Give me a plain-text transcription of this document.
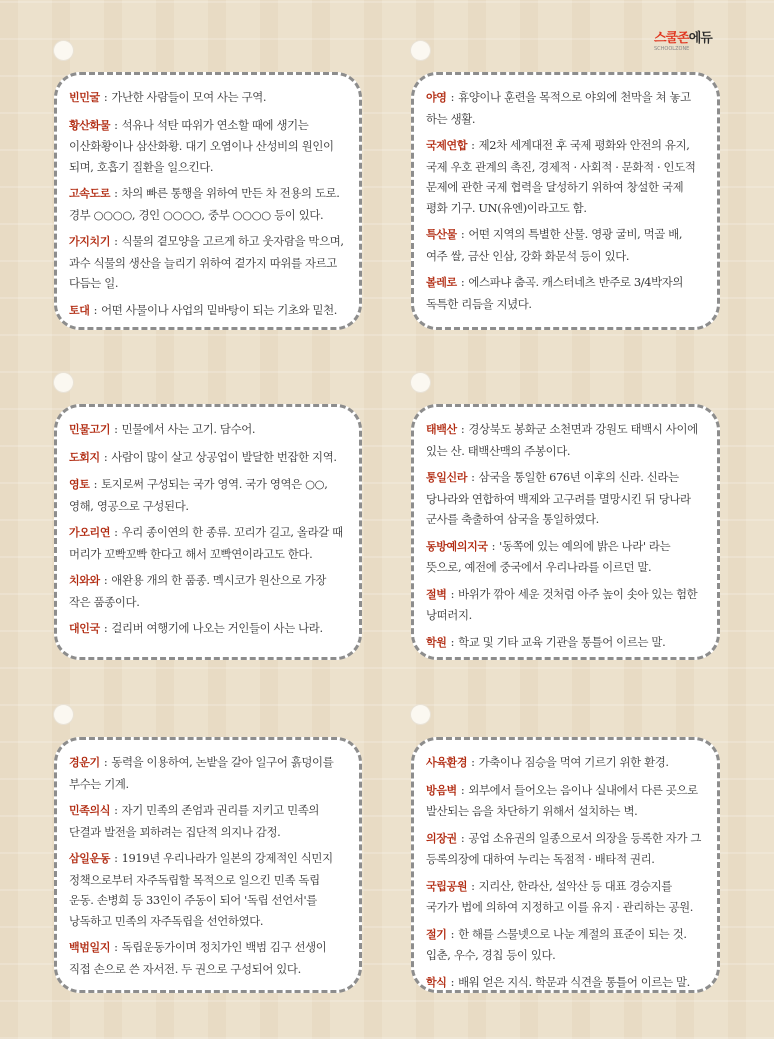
스쿨존에듀
SCHOOLZONE

빈민굴 : 가난한 사람들이 모여 사는 구역.

황산화물 : 석유나 석탄 따위가 연소할 때에 생기는 이산화황이나 삼산화황. 대기 오염이나 산성비의 원인이 되며, 호흡기 질환을 일으킨다.

고속도로 : 차의 빠른 통행을 위하여 만든 차 전용의 도로. 경부 ○○○○, 경인 ○○○○, 중부 ○○○○ 등이 있다.

가지치기 : 식물의 곁모양을 고르게 하고 웃자람을 막으며, 과수 식물의 생산을 늘리기 위하여 곁가지 따위를 자르고 다듬는 일.

토대 : 어떤 사물이나 사업의 밑바탕이 되는 기초와 밑천.

야영 : 휴양이나 훈련을 목적으로 야외에 천막을 쳐 놓고 하는 생활.

국제연합 : 제2차 세계대전 후 국제 평화와 안전의 유지, 국제 우호 관계의 촉진, 경제적 · 사회적 · 문화적 · 인도적 문제에 관한 국제 협력을 달성하기 위하여 창설한 국제 평화 기구. UN(유엔)이라고도 함.

특산물 : 어떤 지역의 특별한 산물. 영광 굴비, 먹골 배, 여주 쌀, 금산 인삼, 강화 화문석 등이 있다.

볼레로 : 에스파냐 춤곡. 캐스터네츠 반주로 3/4박자의 독특한 리듬을 지녔다.

민물고기 : 민물에서 사는 고기. 담수어.

도회지 : 사람이 많이 살고 상공업이 발달한 번잡한 지역.

영토 : 토지로써 구성되는 국가 영역. 국가 영역은 ○○, 영해, 영공으로 구성된다.

가오리연 : 우리 종이연의 한 종류. 꼬리가 길고, 올라갈 때 머리가 꼬빡꼬빡 한다고 해서 꼬빡연이라고도 한다.

치와와 : 애완용 개의 한 품종. 멕시코가 원산으로 가장 작은 품종이다.

대인국 : 걸리버 여행기에 나오는 거인들이 사는 나라.

태백산 : 경상북도 봉화군 소천면과 강원도 태백시 사이에 있는 산. 태백산맥의 주봉이다.

통일신라 : 삼국을 통일한 676년 이후의 신라. 신라는 당나라와 연합하여 백제와 고구려를 멸망시킨 뒤 당나라 군사를 축출하여 삼국을 통일하였다.

동방예의지국 : '동쪽에 있는 예의에 밝은 나라' 라는 뜻으로, 예전에 중국에서 우리나라를 이르던 말.

절벽 : 바위가 깎아 세운 것처럼 아주 높이 솟아 있는 험한 낭떠러지.

학원 : 학교 및 기타 교육 기관을 통틀어 이르는 말.

경운기 : 동력을 이용하여, 논밭을 갈아 일구어 흙덩이를 부수는 기계.

민족의식 : 자기 민족의 존엄과 권리를 지키고 민족의 단결과 발전을 꾀하려는 집단적 의지나 감정.

삼일운동 : 1919년 우리나라가 일본의 강제적인 식민지 정책으로부터 자주독립할 목적으로 일으킨 민족 독립 운동. 손병희 등 33인이 주동이 되어 '독립 선언서'를 낭독하고 민족의 자주독립을 선언하였다.

백범일지 : 독립운동가이며 정치가인 백범 김구 선생이 직접 손으로 쓴 자서전. 두 권으로 구성되어 있다.

사육환경 : 가축이나 짐승을 먹여 기르기 위한 환경.

방음벽 : 외부에서 들어오는 음이나 실내에서 다른 곳으로 발산되는 음을 차단하기 위해서 설치하는 벽.

의장권 : 공업 소유권의 일종으로서 의장을 등록한 자가 그 등록의장에 대하여 누리는 독점적 · 배타적 권리.

국립공원 : 지리산, 한라산, 설악산 등 대표 경승지를 국가가 법에 의하여 지정하고 이를 유지 · 관리하는 공원.

절기 : 한 해를 스물넷으로 나눈 계절의 표준이 되는 것. 입춘, 우수, 경칩 등이 있다.

학식 : 배워 얻은 지식. 학문과 식견을 통틀어 이르는 말.
